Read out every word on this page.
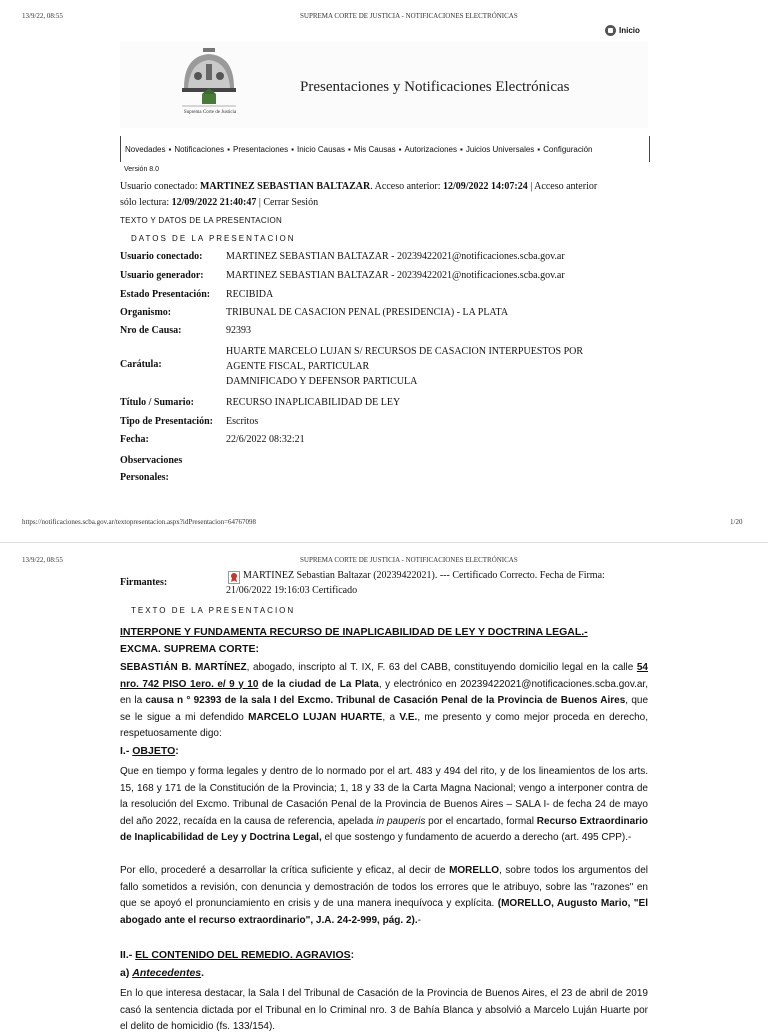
13/9/22, 08:55	SUPREMA CORTE DE JUSTICIA - NOTIFICACIONES ELECTRÓNICAS
Inicio
Suprema Corte de Justicia
Presentaciones y Notificaciones Electrónicas
Novedades ▪ Notificaciones ▪ Presentaciones ▪ Inicio Causas ▪ Mis Causas ▪ Autorizaciones ▪ Juicios Universales ▪ Configuración
Versión 8.0
Usuario conectado: MARTINEZ SEBASTIAN BALTAZAR. Acceso anterior: 12/09/2022 14:07:24 | Acceso anterior
sólo lectura: 12/09/2022 21:40:47 | Cerrar Sesión
TEXTO Y DATOS DE LA PRESENTACION
DATOS DE LA PRESENTACION
Usuario conectado: MARTINEZ SEBASTIAN BALTAZAR - 20239422021@notificaciones.scba.gov.ar
Usuario generador: MARTINEZ SEBASTIAN BALTAZAR - 20239422021@notificaciones.scba.gov.ar
Estado Presentación: RECIBIDA
Organismo:	TRIBUNAL DE CASACION PENAL (PRESIDENCIA) - LA PLATA
Nro de Causa:	92393
Carátula:
HUARTE MARCELO LUJAN S/ RECURSOS DE CASACION INTERPUESTOS POR
AGENTE FISCAL, PARTICULAR
DAMNIFICADO Y DEFENSOR PARTICULA
Título / Sumario:	RECURSO INAPLICABILIDAD DE LEY
Tipo de Presentación: Escritos
Fecha:	22/6/2022 08:32:21
Observaciones Personales:
https://notificaciones.scba.gov.ar/textopresentacion.aspx?idPresentacion=64767098	1/20
13/9/22, 08:55	SUPREMA CORTE DE JUSTICIA - NOTIFICACIONES ELECTRÓNICAS
Firmantes:
MARTINEZ Sebastian Baltazar (20239422021). --- Certificado Correcto. Fecha de Firma:
21/06/2022 19:16:03 Certificado
TEXTO DE LA PRESENTACION
INTERPONE Y FUNDAMENTA RECURSO DE INAPLICABILIDAD DE LEY Y DOCTRINA LEGAL.-
EXCMA. SUPREMA CORTE:
SEBASTIÁN B. MARTÍNEZ, abogado, inscripto al T. IX, F. 63 del CABB, constituyendo domicilio legal en la calle 54 nro. 742 PISO 1ero. e/ 9 y 10 de la ciudad de La Plata, y electrónico en 20239422021@notificaciones.scba.gov.ar, en la causa n ° 92393 de la sala I del Excmo. Tribunal de Casación Penal de la Provincia de Buenos Aires, que se le sigue a mi defendido MARCELO LUJAN HUARTE, a V.E., me presento y como mejor proceda en derecho, respetuosamente digo:
I.- OBJETO:
Que en tiempo y forma legales y dentro de lo normado por el art. 483 y 494 del rito, y de los lineamientos de los arts. 15, 168 y 171 de la Constitución de la Provincia; 1, 18 y 33 de la Carta Magna Nacional; vengo a interponer contra de la resolución del Excmo. Tribunal de Casación Penal de la Provincia de Buenos Aires – SALA I- de fecha 24 de mayo del año 2022, recaída en la causa de referencia, apelada in pauperis por el encartado, formal Recurso Extraordinario de Inaplicabilidad de Ley y Doctrina Legal, el que sostengo y fundamento de acuerdo a derecho (art. 495 CPP).-
Por ello, procederé a desarrollar la crítica suficiente y eficaz, al decir de MORELLO, sobre todos los argumentos del fallo sometidos a revisión, con denuncia y demostración de todos los errores que le atribuyo, sobre las "razones" en que se apoyó el pronunciamiento en crisis y de una manera inequívoca y explícita. (MORELLO, Augusto Mario, "El abogado ante el recurso extraordinario", J.A. 24-2-999, pág. 2).-
II.- EL CONTENIDO DEL REMEDIO. AGRAVIOS:
a) Antecedentes.
En lo que interesa destacar, la Sala I del Tribunal de Casación de la Provincia de Buenos Aires, el 23 de abril de 2019 casó la sentencia dictada por el Tribunal en lo Criminal nro. 3 de Bahía Blanca y absolvió a Marcelo Luján Huarte por el delito de homicidio (fs. 133/154).
